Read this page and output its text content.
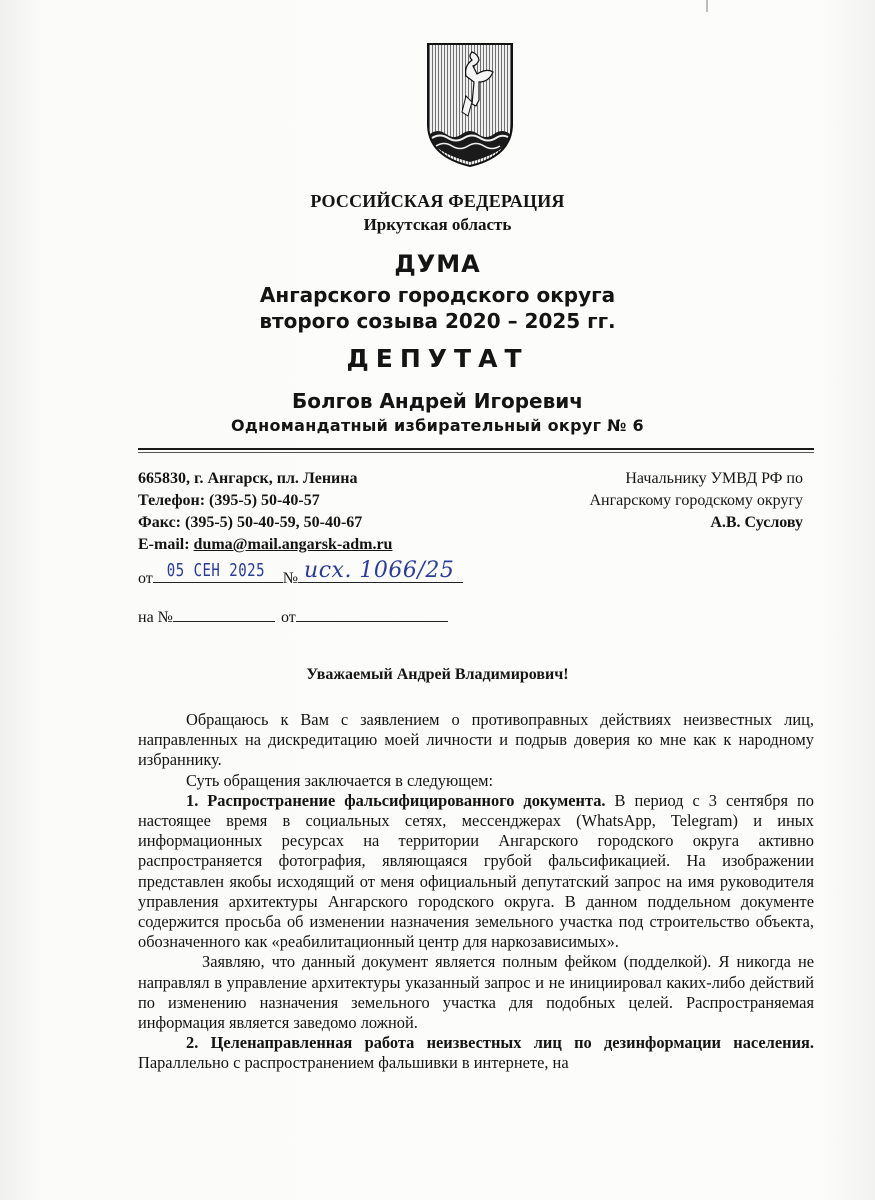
РОССИЙСКАЯ ФЕДЕРАЦИЯ
Иркутская область
ДУМА
Ангарского городского округа
второго созыва 2020 – 2025 гг.
ДЕПУТАТ
Болгов Андрей Игоревич
Одномандатный избирательный округ № 6
665830, г. Ангарск, пл. Ленина
Телефон: (395-5) 50-40-57
Факс: (395-5) 50-40-59, 50-40-67
E-mail: duma@mail.angarsk-adm.ru
Начальнику УМВД РФ по
Ангарскому городскому округу
А.В. Суслову
от 05 СЕН 2025 № исх. 1066/25
на №	от
Уважаемый Андрей Владимирович!

Обращаюсь к Вам с заявлением о противоправных действиях неизвестных лиц, направленных на дискредитацию моей личности и подрыв доверия ко мне как к народному избраннику.

Суть обращения заключается в следующем:

1. Распространение фальсифицированного документа. В период с 3 сентября по настоящее время в социальных сетях, мессенджерах (WhatsApp, Telegram) и иных информационных ресурсах на территории Ангарского городского округа активно распространяется фотография, являющаяся грубой фальсификацией. На изображении представлен якобы исходящий от меня официальный депутатский запрос на имя руководителя управления архитектуры Ангарского городского округа. В данном поддельном документе содержится просьба об изменении назначения земельного участка под строительство объекта, обозначенного как «реабилитационный центр для наркозависимых».

Заявляю, что данный документ является полным фейком (подделкой). Я никогда не направлял в управление архитектуры указанный запрос и не инициировал каких-либо действий по изменению назначения земельного участка для подобных целей. Распространяемая информация является заведомо ложной.

2. Целенаправленная работа неизвестных лиц по дезинформации населения. Параллельно с распространением фальшивки в интернете, на
